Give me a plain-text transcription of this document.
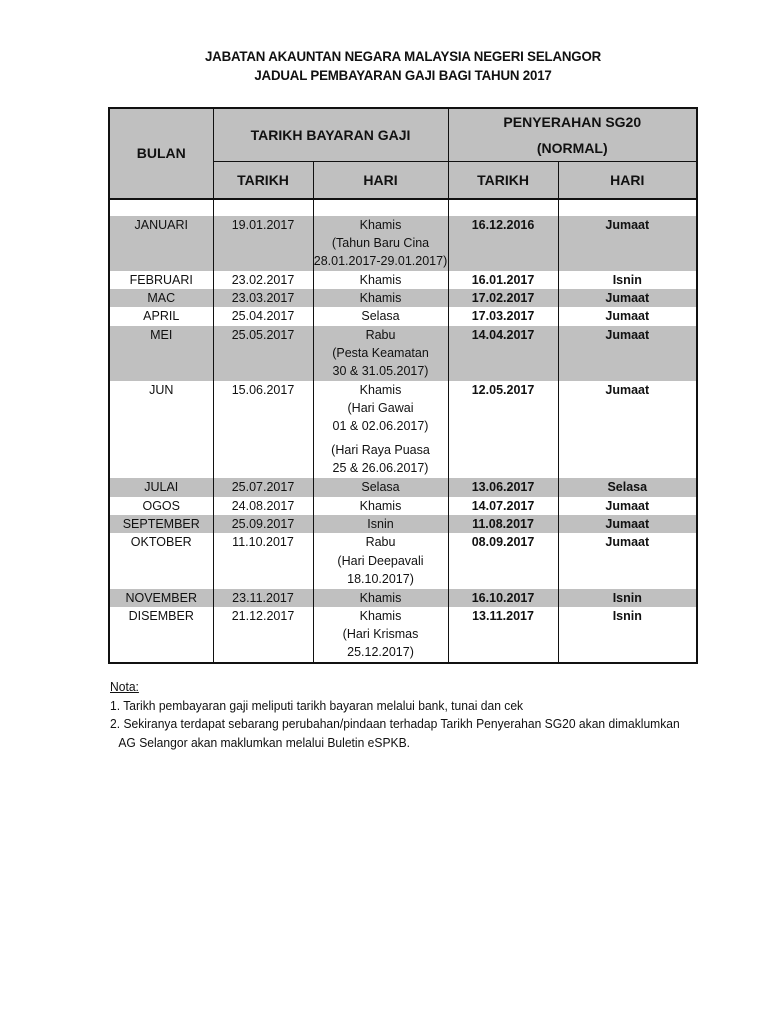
JABATAN AKAUNTAN NEGARA MALAYSIA NEGERI SELANGOR
JADUAL PEMBAYARAN GAJI BAGI TAHUN 2017
BULAN	TARIKH BAYARAN GAJI		PENYERAHAN SG20
(NORMAL)	

	TARIKH	HARI	TARIKH	HARI

JANUARI	19.01.2017	Khamis
(Tahun Baru Cina
28.01.2017-29.01.2017)	16.12.2016	Jumaat
FEBRUARI	23.02.2017	Khamis	16.01.2017	Isnin
MAC	23.03.2017	Khamis	17.02.2017	Jumaat
APRIL	25.04.2017	Selasa	17.03.2017	Jumaat
MEI	25.05.2017	Rabu
(Pesta Keamatan
30 & 31.05.2017)	14.04.2017	Jumaat
JUN	15.06.2017	Khamis
(Hari Gawai
01 & 02.06.2017)
(Hari Raya Puasa
25 & 26.06.2017)	12.05.2017	Jumaat
JULAI	25.07.2017	Selasa	13.06.2017	Selasa
OGOS	24.08.2017	Khamis	14.07.2017	Jumaat
SEPTEMBER	25.09.2017	Isnin	11.08.2017	Jumaat
OKTOBER	11.10.2017	Rabu
(Hari Deepavali
18.10.2017)	08.09.2017	Jumaat
NOVEMBER	23.11.2017	Khamis	16.10.2017	Isnin
DISEMBER	21.12.2017	Khamis
(Hari Krismas
25.12.2017)	13.11.2017	Isnin
Nota:
1. Tarikh pembayaran gaji meliputi tarikh bayaran melalui bank, tunai dan cek
2. Sekiranya terdapat sebarang perubahan/pindaan terhadap Tarikh Penyerahan SG20 akan dimaklumkan
AG Selangor akan maklumkan melalui Buletin eSPKB.
